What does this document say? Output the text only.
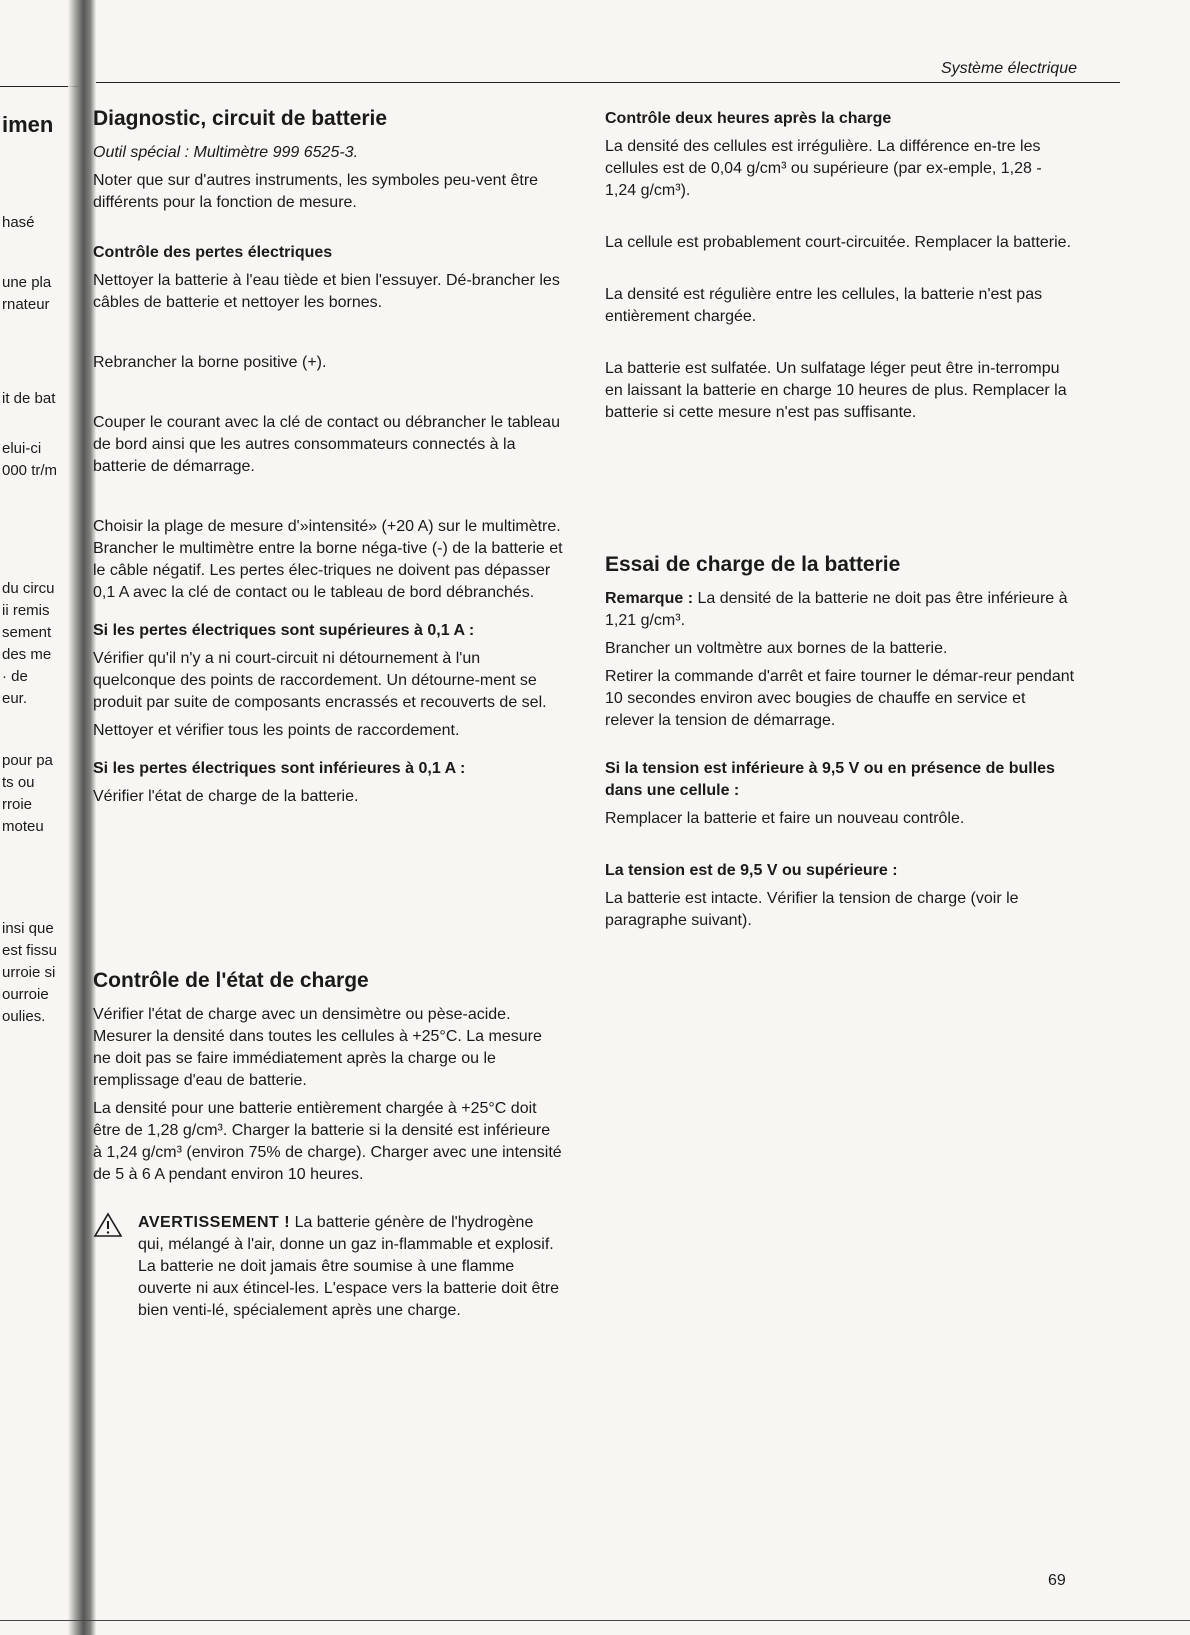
Système électrique
imen
hasé
une pla
rnateur
it de bat
elui-ci
000 tr/m
du circu
ii remis
sement
des me
· de
eur.
pour pa
ts ou
rroie
moteu
insi que
est fissu
urroie si
ourroie
oulies.
Diagnostic, circuit de batterie

Outil spécial : Multimètre 999 6525-3.

Noter que sur d'autres instruments, les symboles peu-vent être différents pour la fonction de mesure.

Contrôle des pertes électriques

Nettoyer la batterie à l'eau tiède et bien l'essuyer. Dé-brancher les câbles de batterie et nettoyer les bornes.

Rebrancher la borne positive (+).

Couper le courant avec la clé de contact ou débrancher le tableau de bord ainsi que les autres consommateurs connectés à la batterie de démarrage.

Choisir la plage de mesure d'»intensité» (+20 A) sur le multimètre. Brancher le multimètre entre la borne néga-tive (-) de la batterie et le câble négatif. Les pertes élec-triques ne doivent pas dépasser 0,1 A avec la clé de contact ou le tableau de bord débranchés.

Si les pertes électriques sont supérieures à 0,1 A :

Vérifier qu'il n'y a ni court-circuit ni détournement à l'un quelconque des points de raccordement. Un détourne-ment se produit par suite de composants encrassés et recouverts de sel.

Nettoyer et vérifier tous les points de raccordement.

Si les pertes électriques sont inférieures à 0,1 A :

Vérifier l'état de charge de la batterie.

Contrôle de l'état de charge

Vérifier l'état de charge avec un densimètre ou pèse-acide. Mesurer la densité dans toutes les cellules à +25°C. La mesure ne doit pas se faire immédiatement après la charge ou le remplissage d'eau de batterie.

La densité pour une batterie entièrement chargée à +25°C doit être de 1,28 g/cm³. Charger la batterie si la densité est inférieure à 1,24 g/cm³ (environ 75% de charge). Charger avec une intensité de 5 à 6 A pendant environ 10 heures.

AVERTISSEMENT ! La batterie génère de l'hydrogène qui, mélangé à l'air, donne un gaz in-flammable et explosif. La batterie ne doit jamais être soumise à une flamme ouverte ni aux étincel-les. L'espace vers la batterie doit être bien venti-lé, spécialement après une charge.
Contrôle deux heures après la charge

La densité des cellules est irrégulière. La différence en-tre les cellules est de 0,04 g/cm³ ou supérieure (par ex-emple, 1,28 - 1,24 g/cm³).

La cellule est probablement court-circuitée. Remplacer la batterie.

La densité est régulière entre les cellules, la batterie n'est pas entièrement chargée.

La batterie est sulfatée. Un sulfatage léger peut être in-terrompu en laissant la batterie en charge 10 heures de plus. Remplacer la batterie si cette mesure n'est pas suffisante.

Essai de charge de la batterie

Remarque : La densité de la batterie ne doit pas être inférieure à 1,21 g/cm³.

Brancher un voltmètre aux bornes de la batterie.

Retirer la commande d'arrêt et faire tourner le démar-reur pendant 10 secondes environ avec bougies de chauffe en service et relever la tension de démarrage.

Si la tension est inférieure à 9,5 V ou en présence de bulles dans une cellule :

Remplacer la batterie et faire un nouveau contrôle.

La tension est de 9,5 V ou supérieure :

La batterie est intacte. Vérifier la tension de charge (voir le paragraphe suivant).

69
